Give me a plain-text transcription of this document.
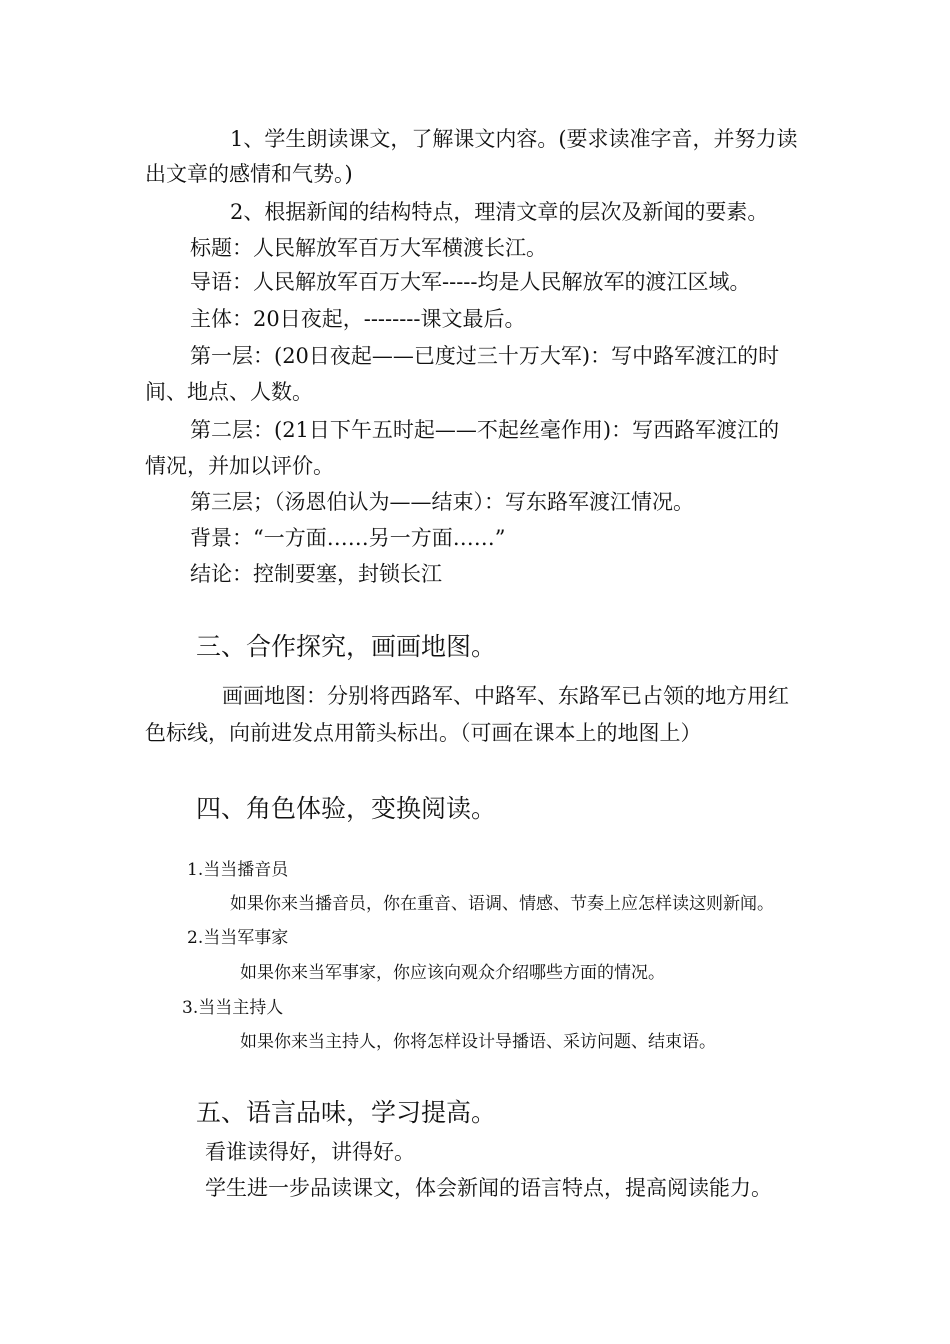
1、学生朗读课文，了解课文内容。(要求读准字音，并努力读
出文章的感情和气势。)
2、根据新闻的结构特点，理清文章的层次及新闻的要素。
标题：人民解放军百万大军横渡长江。
导语：人民解放军百万大军-----均是人民解放军的渡江区域。
主体：20日夜起，--------课文最后。
第一层：(20日夜起——已度过三十万大军)：写中路军渡江的时
间、地点、人数。
第二层：(21日下午五时起——不起丝毫作用)：写西路军渡江的
情况，并加以评价。
第三层；（汤恩伯认为——结束）：写东路军渡江情况。
背景：“一方面……另一方面……”
结论：控制要塞，封锁长江
三、合作探究，画画地图。
画画地图：分别将西路军、中路军、东路军已占领的地方用红
色标线，向前进发点用箭头标出。（可画在课本上的地图上）
四、角色体验，变换阅读。
1.当当播音员
如果你来当播音员，你在重音、语调、情感、节奏上应怎样读这则新闻。
2.当当军事家
如果你来当军事家，你应该向观众介绍哪些方面的情况。
3.当当主持人
如果你来当主持人，你将怎样设计导播语、采访问题、结束语。
五、语言品味，学习提高。
看谁读得好，讲得好。
学生进一步品读课文，体会新闻的语言特点，提高阅读能力。
